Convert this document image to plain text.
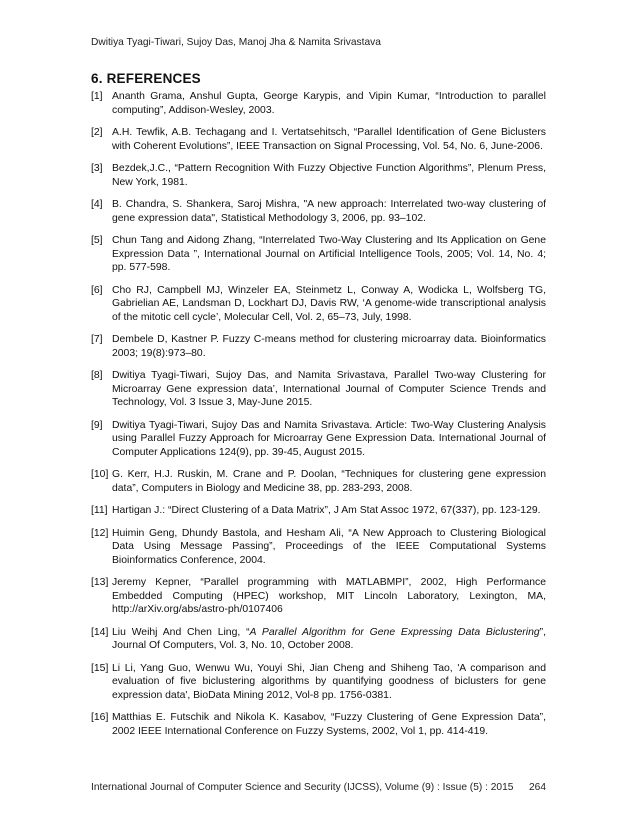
Dwitiya Tyagi-Tiwari, Sujoy Das, Manoj Jha & Namita Srivastava
6. REFERENCES
[1] Ananth Grama, Anshul Gupta, George Karypis, and Vipin Kumar, “Introduction to parallel computing”, Addison-Wesley, 2003.
[2] A.H. Tewfik, A.B. Techagang and I. Vertatsehitsch, “Parallel Identification of Gene Biclusters with Coherent Evolutions”, IEEE Transaction on Signal Processing, Vol. 54, No. 6, June-2006.
[3] Bezdek,J.C., “Pattern Recognition With Fuzzy Objective Function Algorithms”, Plenum Press, New York, 1981.
[4] B. Chandra, S. Shankera, Saroj Mishra, "A new approach: Interrelated two-way clustering of gene expression data", Statistical Methodology 3, 2006, pp. 93–102.
[5] Chun Tang and Aidong Zhang, “Interrelated Two-Way Clustering and Its Application on Gene Expression Data ”, International Journal on Artificial Intelligence Tools, 2005; Vol. 14, No. 4; pp. 577-598.
[6] Cho RJ, Campbell MJ, Winzeler EA, Steinmetz L, Conway A, Wodicka L, Wolfsberg TG, Gabrielian AE, Landsman D, Lockhart DJ, Davis RW, ‘A genome-wide transcriptional analysis of the mitotic cell cycle’, Molecular Cell, Vol. 2, 65–73, July, 1998.
[7] Dembele D, Kastner P. Fuzzy C-means method for clustering microarray data. Bioinformatics 2003; 19(8):973–80.
[8] Dwitiya Tyagi-Tiwari, Sujoy Das, and Namita Srivastava, Parallel Two-way Clustering for Microarray Gene expression data’, International Journal of Computer Science Trends and Technology, Vol. 3 Issue 3, May-June 2015.
[9] Dwitiya Tyagi-Tiwari, Sujoy Das and Namita Srivastava. Article: Two-Way Clustering Analysis using Parallel Fuzzy Approach for Microarray Gene Expression Data. International Journal of Computer Applications 124(9), pp. 39-45, August 2015.
[10] G. Kerr, H.J. Ruskin, M. Crane and P. Doolan, “Techniques for clustering gene expression data”, Computers in Biology and Medicine 38, pp. 283-293, 2008.
[11] Hartigan J.: “Direct Clustering of a Data Matrix”, J Am Stat Assoc 1972, 67(337), pp. 123-129.
[12] Huimin Geng, Dhundy Bastola, and Hesham Ali, “A New Approach to Clustering Biological Data Using Message Passing”, Proceedings of the IEEE Computational Systems Bioinformatics Conference, 2004.
[13] Jeremy Kepner, “Parallel programming with MATLABMPI”, 2002, High Performance Embedded Computing (HPEC) workshop, MIT Lincoln Laboratory, Lexington, MA, http://arXiv.org/abs/astro-ph/0107406
[14] Liu Weihj And Chen Ling, “A Parallel Algorithm for Gene Expressing Data Biclustering”, Journal Of Computers, Vol. 3, No. 10, October 2008.
[15] Li Li, Yang Guo, Wenwu Wu, Youyi Shi, Jian Cheng and Shiheng Tao, 'A comparison and evaluation of five biclustering algorithms by quantifying goodness of biclusters for gene expression data', BioData Mining 2012, Vol-8 pp. 1756-0381.
[16] Matthias E. Futschik and Nikola K. Kasabov, “Fuzzy Clustering of Gene Expression Data”, 2002 IEEE International Conference on Fuzzy Systems, 2002, Vol 1, pp. 414-419.
International Journal of Computer Science and Security (IJCSS), Volume (9) : Issue (5) : 2015 264
